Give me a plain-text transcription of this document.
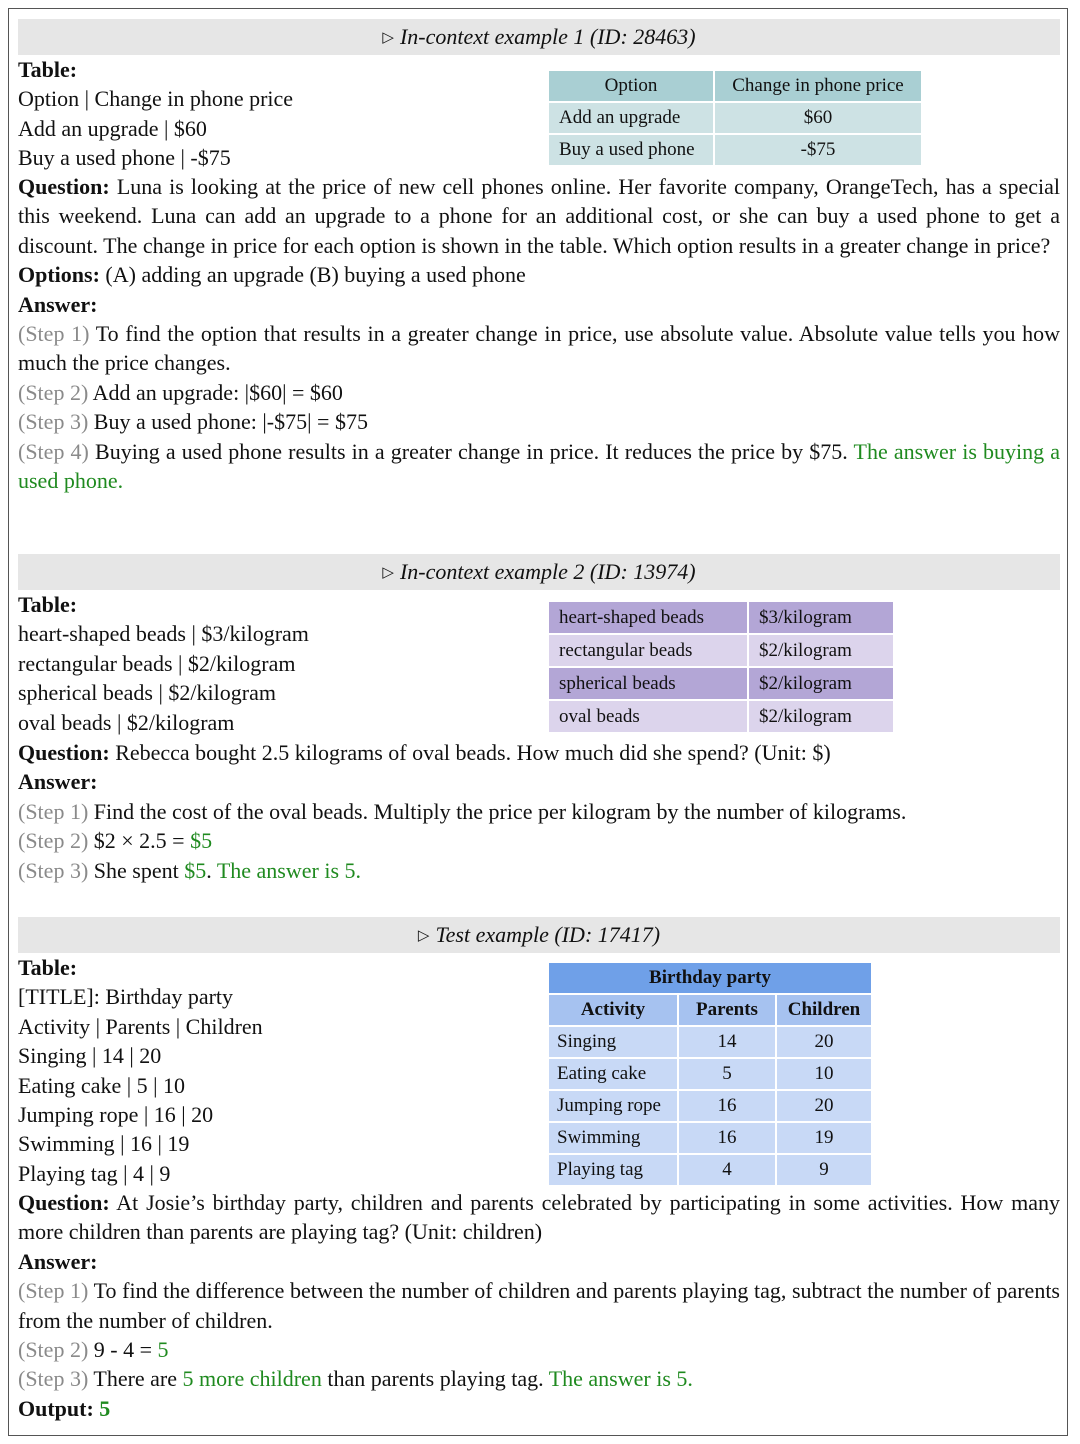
▷ In-context example 1 (ID: 28463)
Table:
Option | Change in phone price
Add an upgrade | $60
Buy a used phone | -$75
Option	Change in phone price
Add an upgrade	$60
Buy a used phone	-$75
Question: Luna is looking at the price of new cell phones online. Her favorite company, OrangeTech, has a special this weekend. Luna can add an upgrade to a phone for an additional cost, or she can buy a used phone to get a discount. The change in price for each option is shown in the table. Which option results in a greater change in price?
Options: (A) adding an upgrade (B) buying a used phone
Answer:
(Step 1) To find the option that results in a greater change in price, use absolute value. Absolute value tells you how much the price changes.
(Step 2) Add an upgrade: |$60| = $60
(Step 3) Buy a used phone: |-$75| = $75
(Step 4) Buying a used phone results in a greater change in price. It reduces the price by $75. The answer is buying a used phone.
▷ In-context example 2 (ID: 13974)
Table:
heart-shaped beads | $3/kilogram
rectangular beads | $2/kilogram
spherical beads | $2/kilogram
oval beads | $2/kilogram
heart-shaped beads	$3/kilogram
rectangular beads	$2/kilogram
spherical beads	$2/kilogram
oval beads	$2/kilogram
Question: Rebecca bought 2.5 kilograms of oval beads. How much did she spend? (Unit: $)
Answer:
(Step 1) Find the cost of the oval beads. Multiply the price per kilogram by the number of kilograms.
(Step 2) $2 × 2.5 = $5
(Step 3) She spent $5. The answer is 5.
▷ Test example (ID: 17417)
Table:
[TITLE]: Birthday party
Activity | Parents | Children
Singing | 14 | 20
Eating cake | 5 | 10
Jumping rope | 16 | 20
Swimming | 16 | 19
Playing tag | 4 | 9
Birthday party		
Activity	Parents	Children
Singing	14	20
Eating cake	5	10
Jumping rope	16	20
Swimming	16	19
Playing tag	4	9
Question: At Josie’s birthday party, children and parents celebrated by participating in some activities. How many more children than parents are playing tag? (Unit: children)
Answer:
(Step 1) To find the difference between the number of children and parents playing tag, subtract the number of parents from the number of children.
(Step 2) 9 - 4 = 5
(Step 3) There are 5 more children than parents playing tag. The answer is 5.
Output: 5
